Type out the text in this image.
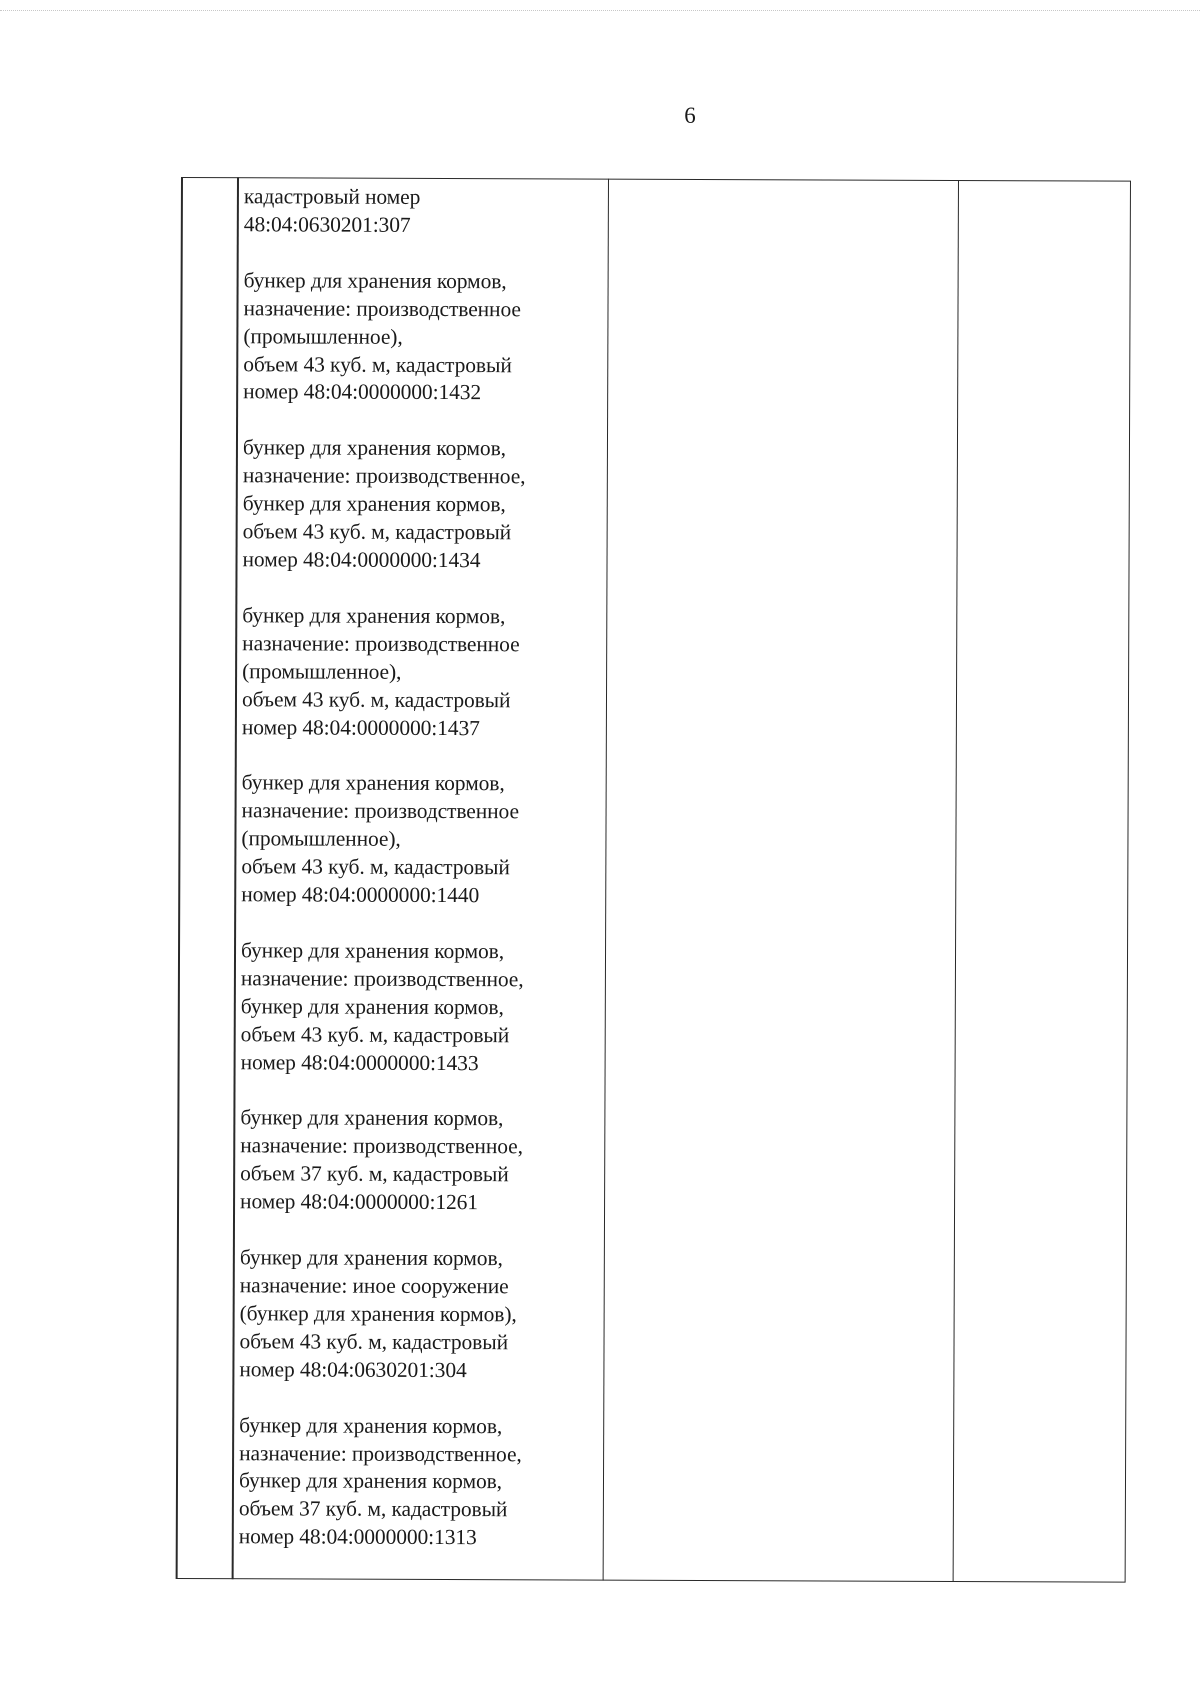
6
кадастровый номер
48:04:0630201:307
бункер для хранения кормов,
назначение: производственное
(промышленное),
объем 43 куб. м, кадастровый
номер 48:04:0000000:1432
бункер для хранения кормов,
назначение: производственное,
бункер для хранения кормов,
объем 43 куб. м, кадастровый
номер 48:04:0000000:1434
бункер для хранения кормов,
назначение: производственное
(промышленное),
объем 43 куб. м, кадастровый
номер 48:04:0000000:1437
бункер для хранения кормов,
назначение: производственное
(промышленное),
объем 43 куб. м, кадастровый
номер 48:04:0000000:1440
бункер для хранения кормов,
назначение: производственное,
бункер для хранения кормов,
объем 43 куб. м, кадастровый
номер 48:04:0000000:1433
бункер для хранения кормов,
назначение: производственное,
объем 37 куб. м, кадастровый
номер 48:04:0000000:1261
бункер для хранения кормов,
назначение: иное сооружение
(бункер для хранения кормов),
объем 43 куб. м, кадастровый
номер 48:04:0630201:304
бункер для хранения кормов,
назначение: производственное,
бункер для хранения кормов,
объем 37 куб. м, кадастровый
номер 48:04:0000000:1313
